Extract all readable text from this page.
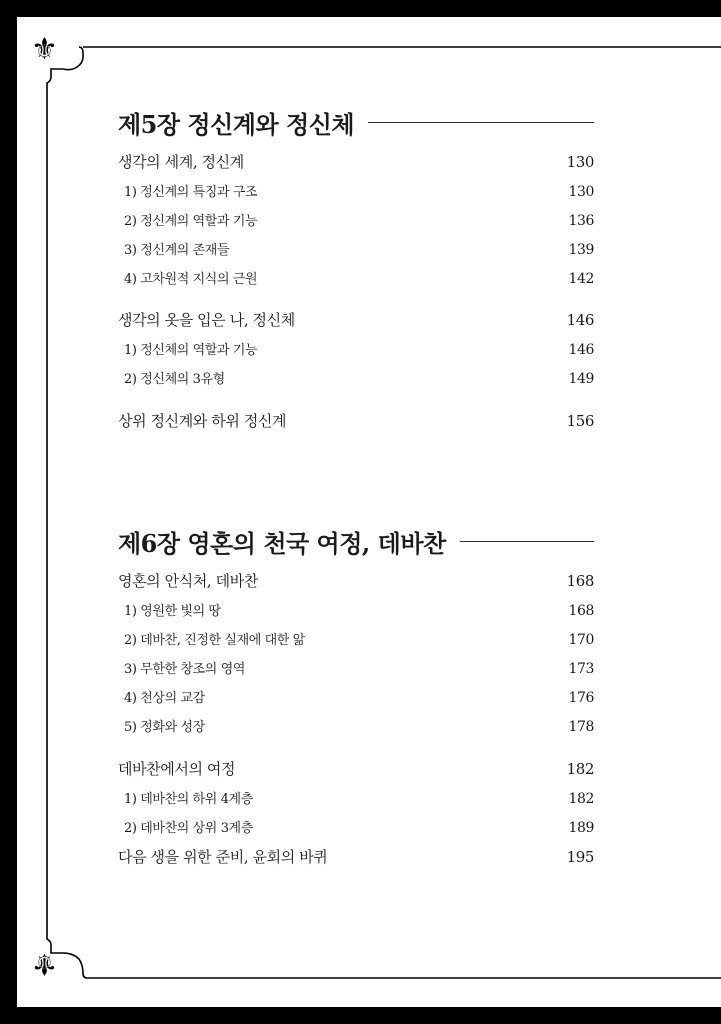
⚜
⚜
제5장 정신계와 정신체
생각의 세계, 정신계	130
1) 정신계의 특징과 구조	130
2) 정신계의 역할과 기능	136
3) 정신계의 존재들	139
4) 고차원적 지식의 근원	142
생각의 옷을 입은 나, 정신체	146
1) 정신체의 역할과 기능	146
2) 정신체의 3유형	149
상위 정신계와 하위 정신계	156
제6장 영혼의 천국 여정, 데바찬
영혼의 안식처, 데바찬	168
1) 영원한 빛의 땅	168
2) 데바찬, 진정한 실재에 대한 앎	170
3) 무한한 창조의 영역	173
4) 천상의 교감	176
5) 정화와 성장	178
데바찬에서의 여정	182
1) 데바찬의 하위 4계층	182
2) 데바찬의 상위 3계층	189
다음 생을 위한 준비, 윤회의 바퀴	195
